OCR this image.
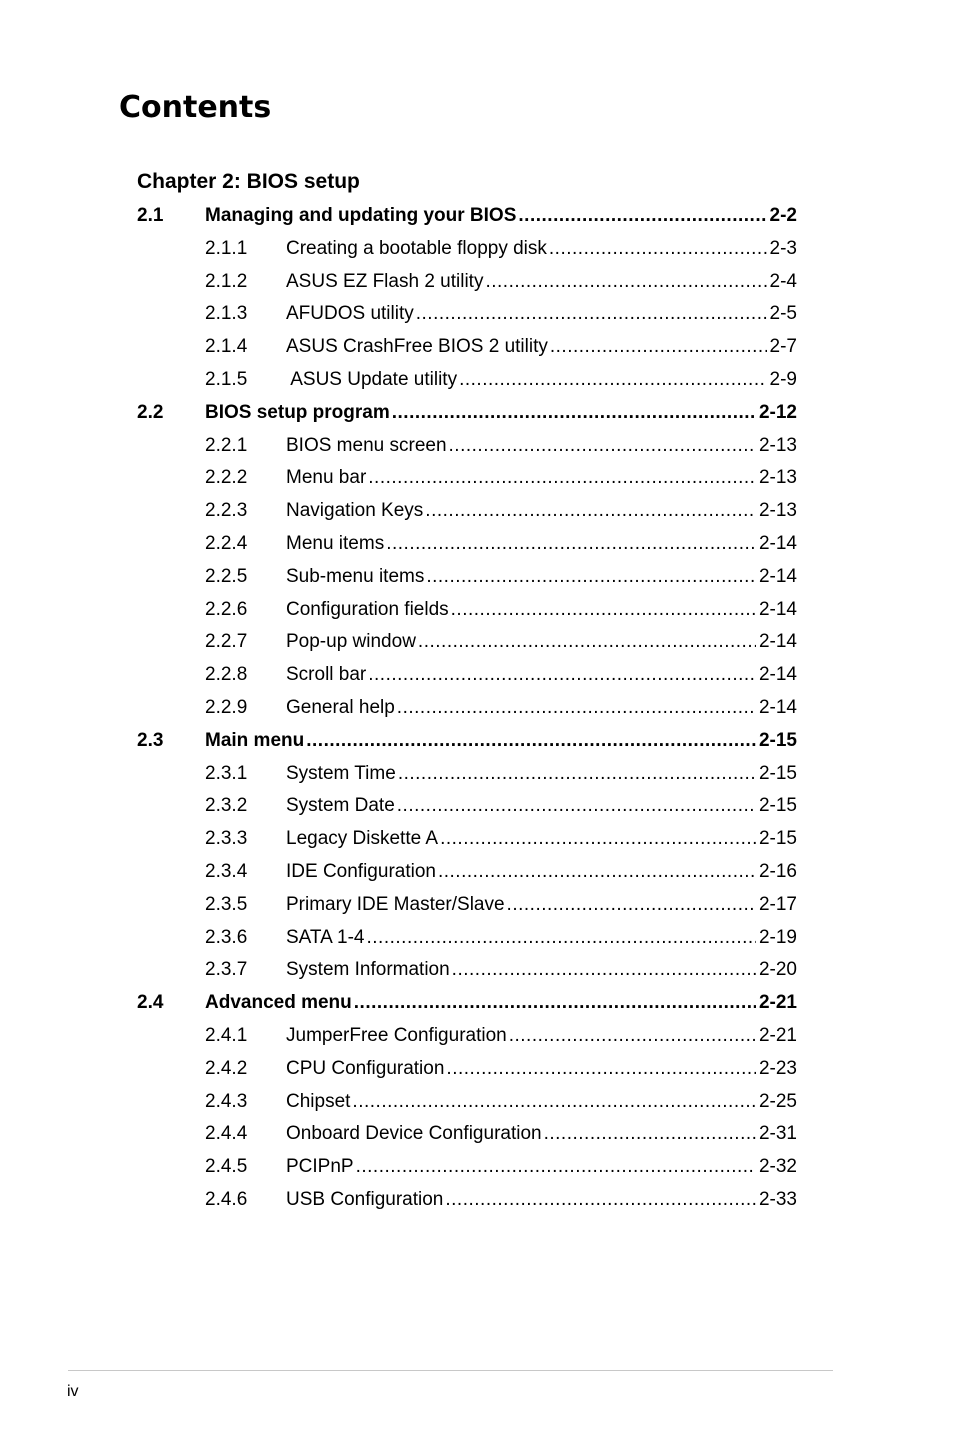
Contents
Chapter 2: BIOS setup
2.1 Managing and updating your BIOS .....	2-2
2.1.1 Creating a bootable floppy disk .....	2-3
2.1.2 ASUS EZ Flash 2 utility .....	2-4
2.1.3 AFUDOS utility .....	2-5
2.1.4 ASUS CrashFree BIOS 2 utility .....	2-7
2.1.5 ASUS Update utility .....	2-9
2.2 BIOS setup program .....	2-12
2.2.1 BIOS menu screen .....	2-13
2.2.2 Menu bar .....	2-13
2.2.3 Navigation Keys .....	2-13
2.2.4 Menu items .....	2-14
2.2.5 Sub-menu items .....	2-14
2.2.6 Configuration fields .....	2-14
2.2.7 Pop-up window .....	2-14
2.2.8 Scroll bar .....	2-14
2.2.9 General help .....	2-14
2.3 Main menu .....	2-15
2.3.1 System Time .....	2-15
2.3.2 System Date .....	2-15
2.3.3 Legacy Diskette A .....	2-15
2.3.4 IDE Configuration .....	2-16
2.3.5 Primary IDE Master/Slave .....	2-17
2.3.6 SATA 1-4 .....	2-19
2.3.7 System Information .....	2-20
2.4 Advanced menu .....	2-21
2.4.1 JumperFree Configuration .....	2-21
2.4.2 CPU Configuration .....	2-23
2.4.3 Chipset .....	2-25
2.4.4 Onboard Device Configuration .....	2-31
2.4.5 PCIPnP .....	2-32
2.4.6 USB Configuration .....	2-33
iv
